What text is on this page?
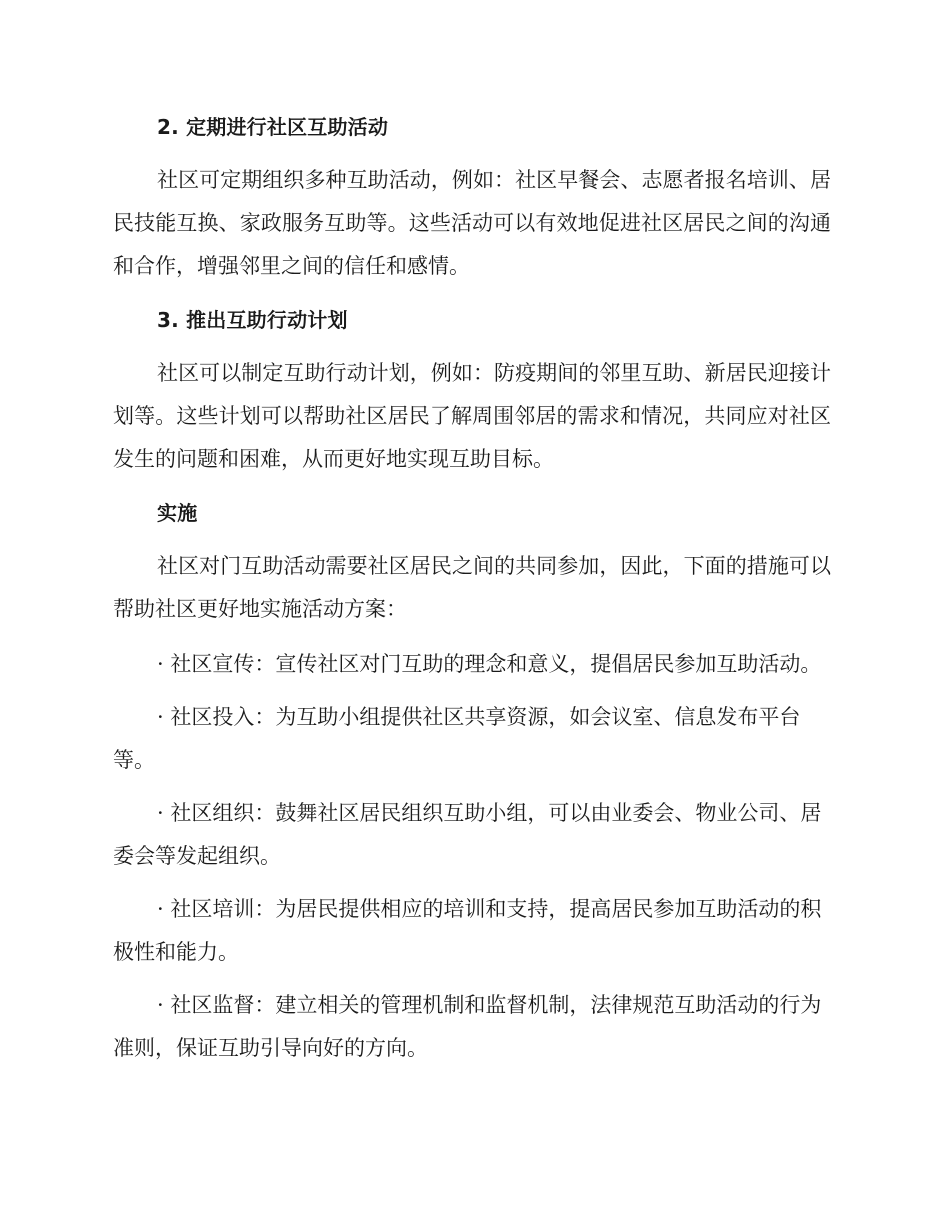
2. 定期进行社区互助活动

社区可定期组织多种互助活动，例如：社区早餐会、志愿者报名培训、居民技能互换、家政服务互助等。这些活动可以有效地促进社区居民之间的沟通和合作，增强邻里之间的信任和感情。

3. 推出互助行动计划

社区可以制定互助行动计划，例如：防疫期间的邻里互助、新居民迎接计划等。这些计划可以帮助社区居民了解周围邻居的需求和情况，共同应对社区发生的问题和困难，从而更好地实现互助目标。

实施

社区对门互助活动需要社区居民之间的共同参加，因此，下面的措施可以帮助社区更好地实施活动方案：

· 社区宣传：宣传社区对门互助的理念和意义，提倡居民参加互助活动。

· 社区投入：为互助小组提供社区共享资源，如会议室、信息发布平台等。

· 社区组织：鼓舞社区居民组织互助小组，可以由业委会、物业公司、居委会等发起组织。

· 社区培训：为居民提供相应的培训和支持，提高居民参加互助活动的积极性和能力。

· 社区监督：建立相关的管理机制和监督机制，法律规范互助活动的行为准则，保证互助引导向好的方向。
